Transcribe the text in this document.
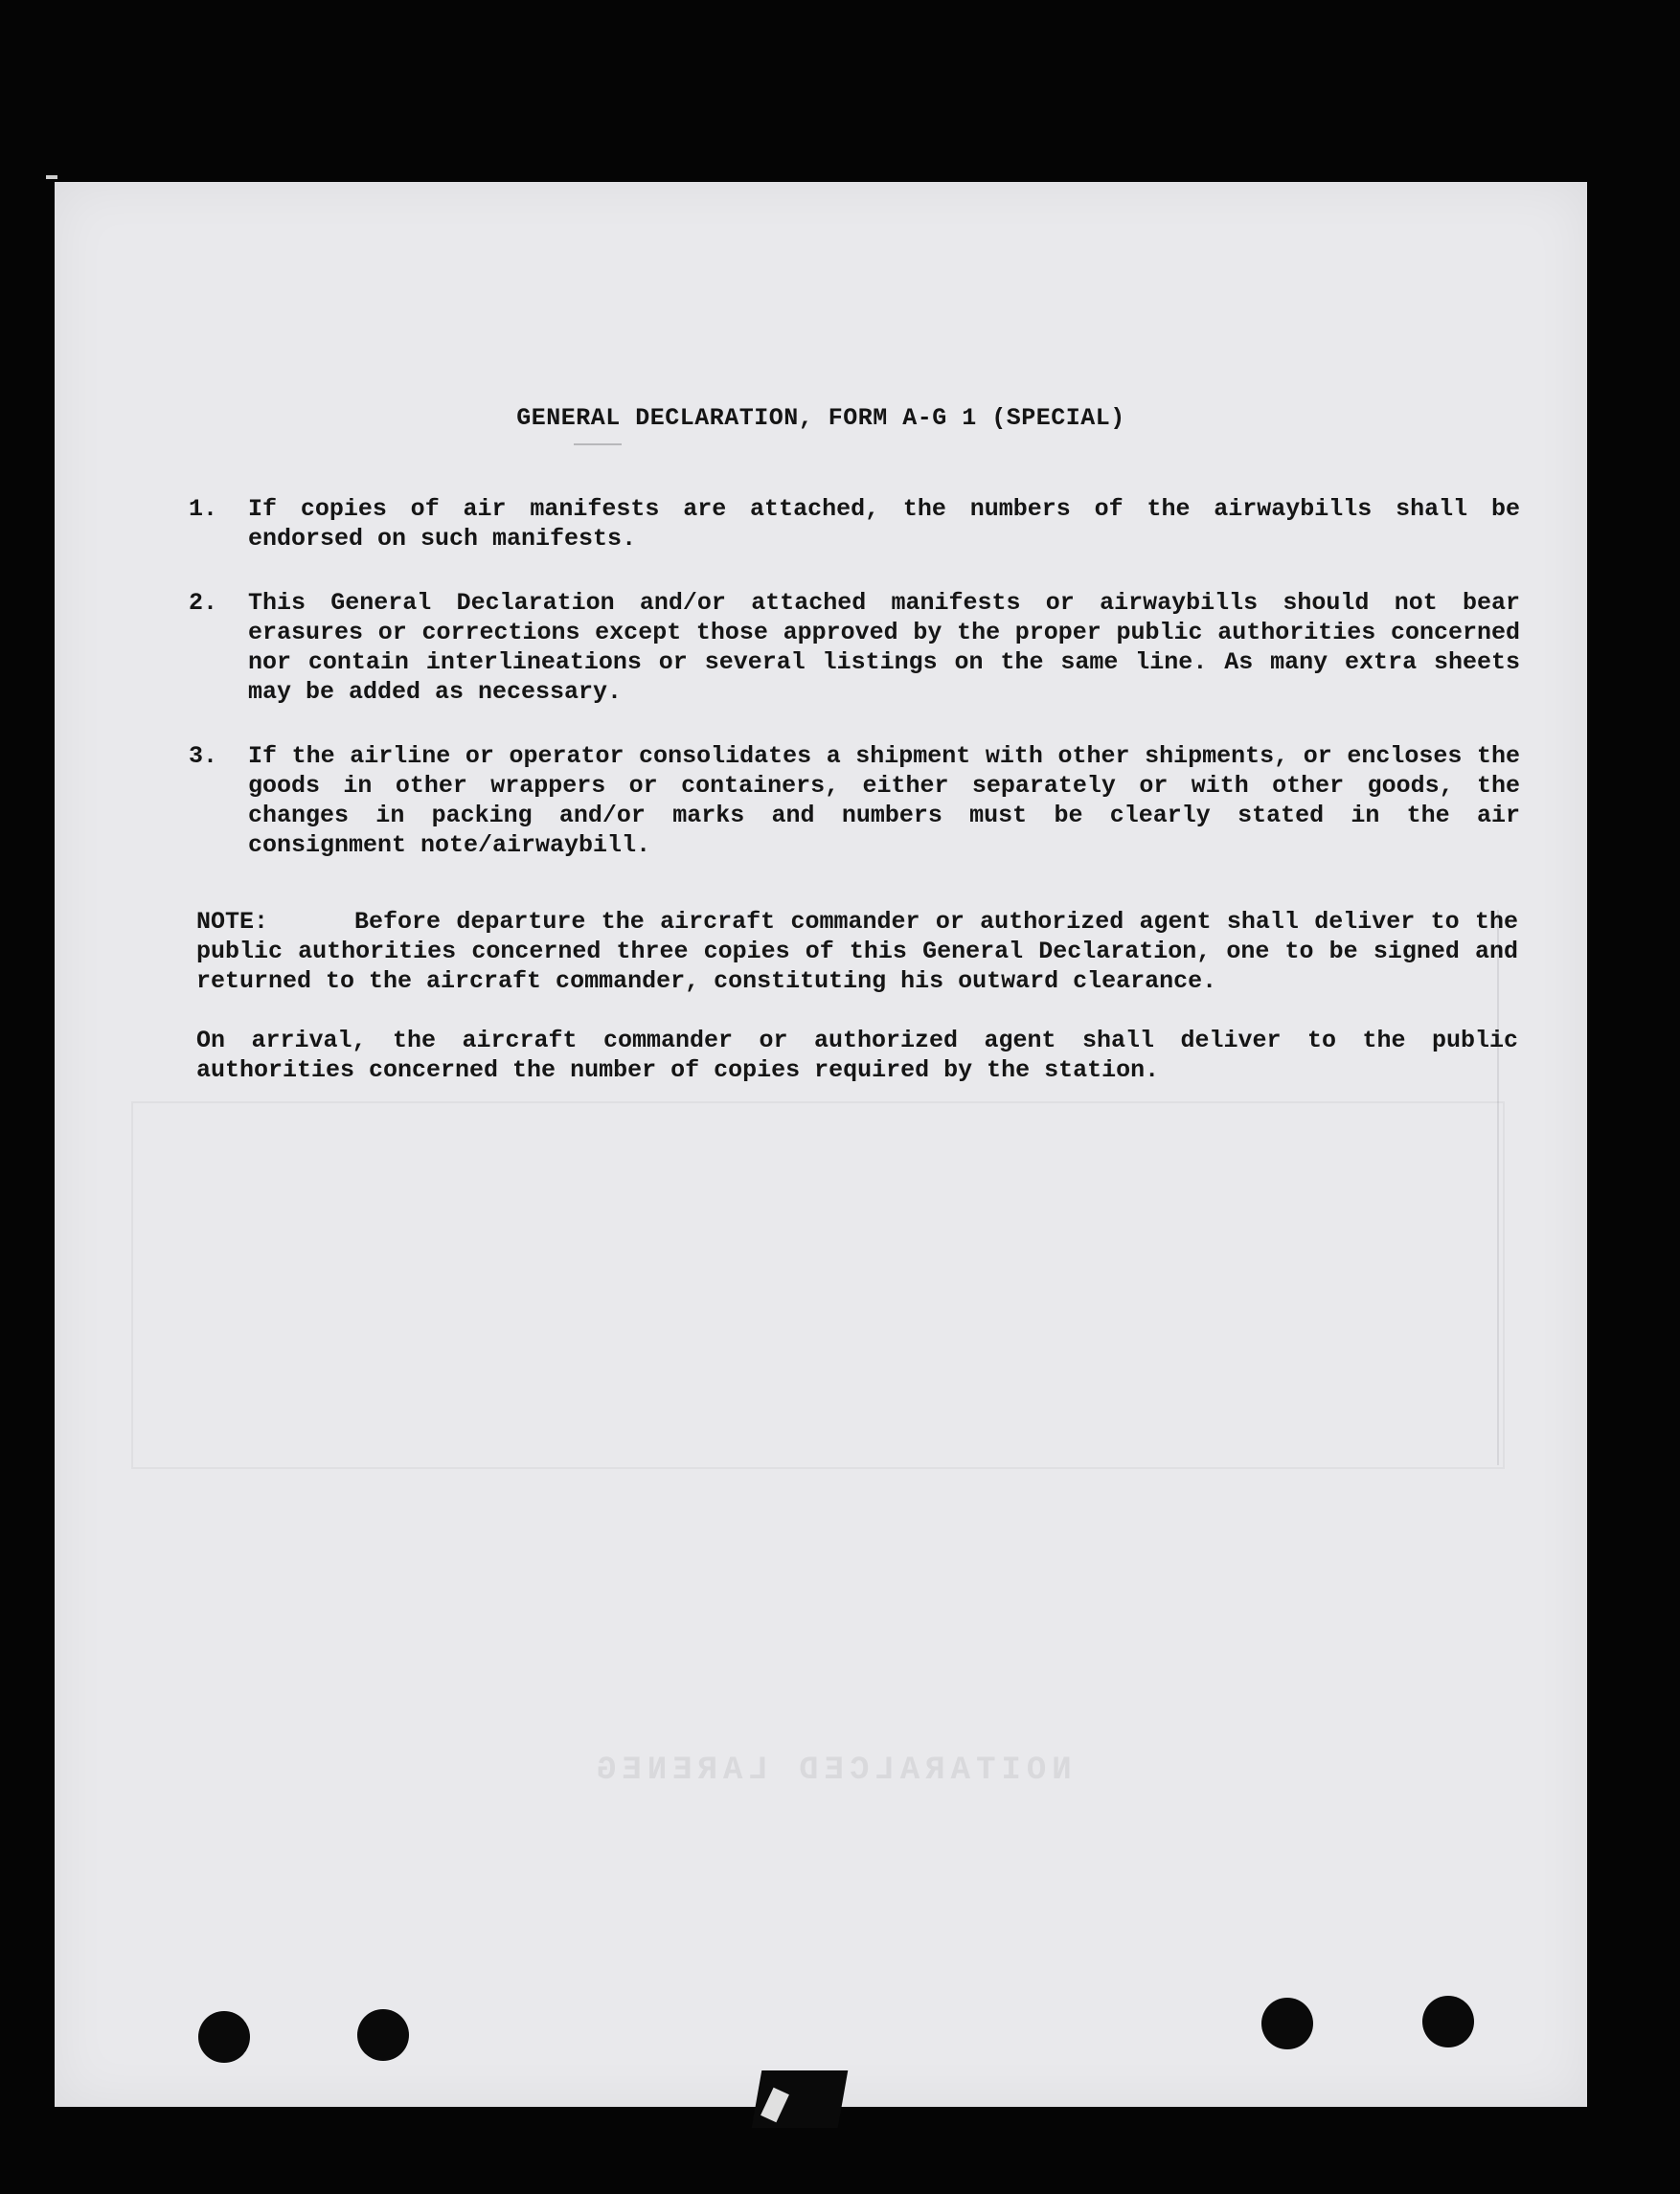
NOITARALCED LARENEG
GENERAL DECLARATION, FORM A-G 1 (SPECIAL)
1.	If copies of air manifests are attached, the numbers of the airwaybills shall be endorsed on such manifests.
2.	This General Declaration and/or attached manifests or airwaybills should not bear erasures or corrections except those approved by the proper public authorities concerned nor contain interlineations or several listings on the same line. As many extra sheets may be added as necessary.
3.	If the airline or operator consolidates a shipment with other shipments, or encloses the goods in other wrappers or containers, either separately or with other goods, the changes in packing and/or marks and numbers must be clearly stated in the air consignment note/airwaybill.

NOTE:	Before departure the aircraft commander or authorized agent shall deliver to the public authorities concerned three copies of this General Declaration, one to be signed and returned to the aircraft commander, constituting his outward clearance.

On arrival, the aircraft commander or authorized agent shall deliver to the public authorities concerned the number of copies required by the station.
